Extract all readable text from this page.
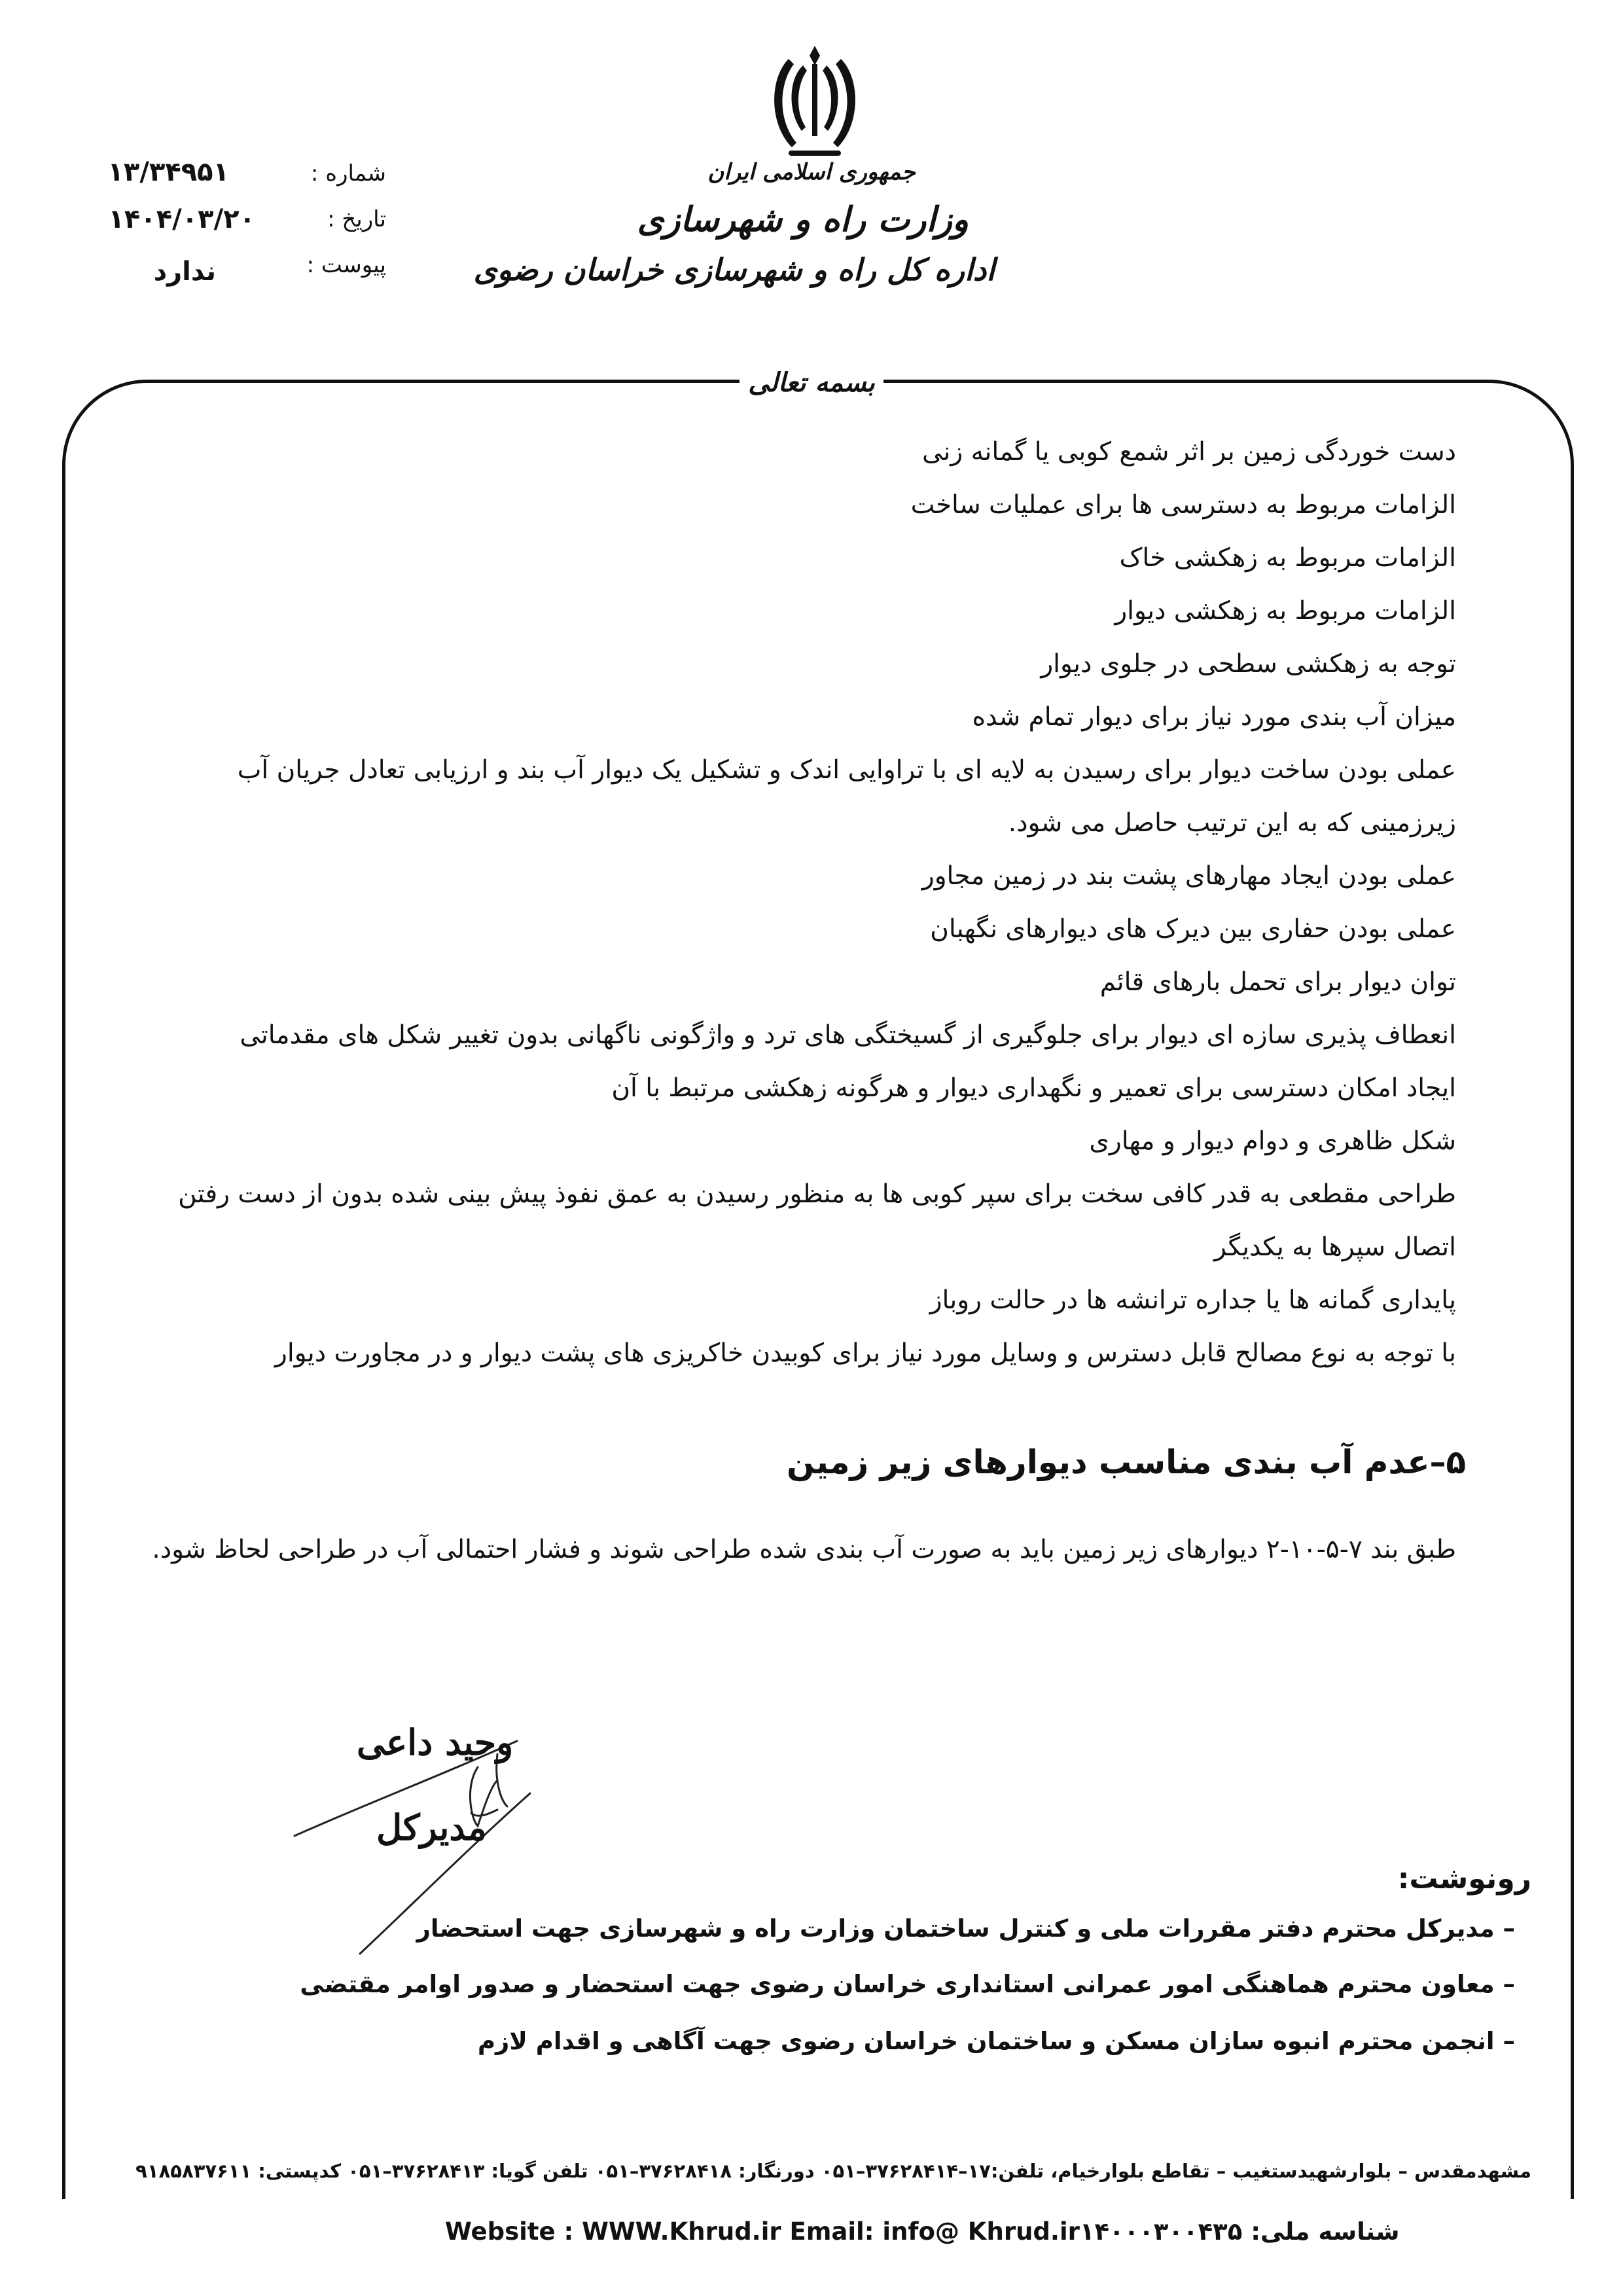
جمهوری اسلامی ایران
وزارت راه و شهرسازی
اداره کل راه و شهرسازی خراسان رضوی
شماره :
تاریخ :
پیوست :
۱۳/۳۴۹۵۱
۱۴۰۴/۰۳/۲۰
ندارد
بسمه تعالی
دست خوردگی زمین بر اثر شمع کوبی یا گمانه زنی
الزامات مربوط به دسترسی ها برای عملیات ساخت
الزامات مربوط به زهکشی خاک
الزامات مربوط به زهکشی دیوار
توجه به زهکشی سطحی در جلوی دیوار
میزان آب بندی مورد نیاز برای دیوار تمام شده
عملی بودن ساخت دیوار برای رسیدن به لایه ای با تراوایی اندک و تشکیل یک دیوار آب بند و ارزیابی تعادل جریان آب
زیرزمینی که به این ترتیب حاصل می شود.
عملی بودن ایجاد مهارهای پشت بند در زمین مجاور
عملی بودن حفاری بین دیرک های دیوارهای نگهبان
توان دیوار برای تحمل بارهای قائم
انعطاف پذیری سازه ای دیوار برای جلوگیری از گسیختگی های ترد و واژگونی ناگهانی بدون تغییر شکل های مقدماتی
ایجاد امکان دسترسی برای تعمیر و نگهداری دیوار و هرگونه زهکشی مرتبط با آن
شکل ظاهری و دوام دیوار و مهاری
طراحی مقطعی به قدر کافی سخت برای سپر کوبی ها به منظور رسیدن به عمق نفوذ پیش بینی شده بدون از دست رفتن
اتصال سپرها به یکدیگر
پایداری گمانه ها یا جداره ترانشه ها در حالت روباز
با توجه به نوع مصالح قابل دسترس و وسایل مورد نیاز برای کوبیدن خاکریزی های پشت دیوار و در مجاورت دیوار
۵–عدم آب بندی مناسب دیوارهای زیر زمین
طبق بند ۷-۵-۱۰-۲ دیوارهای زیر زمین باید به صورت آب بندی شده طراحی شوند و فشار احتمالی آب در طراحی لحاظ شود.
وحید داعی
مدیرکل
رونوشت:
– مدیرکل محترم دفتر مقررات ملی و کنترل ساختمان وزارت راه و شهرسازی جهت استحضار
– معاون محترم هماهنگی امور عمرانی استانداری خراسان رضوی جهت استحضار و صدور اوامر مقتضی
– انجمن محترم انبوه سازان مسکن و ساختمان خراسان رضوی جهت آگاهی و اقدام لازم
مشهدمقدس – بلوارشهیدستغیب – تقاطع بلوارخیام، تلفن:۱۷–۳۷۶۲۸۴۱۴–۰۵۱ دورنگار: ۳۷۶۲۸۴۱۸–۰۵۱ تلفن گویا: ۳۷۶۲۸۴۱۳–۰۵۱ کدپستی: ۹۱۸۵۸۳۷۶۱۱
Website : WWW.Khrud.ir Email: info@ Khrud.irشناسه ملی: ۱۴۰۰۰۳۰۰۴۳۵
